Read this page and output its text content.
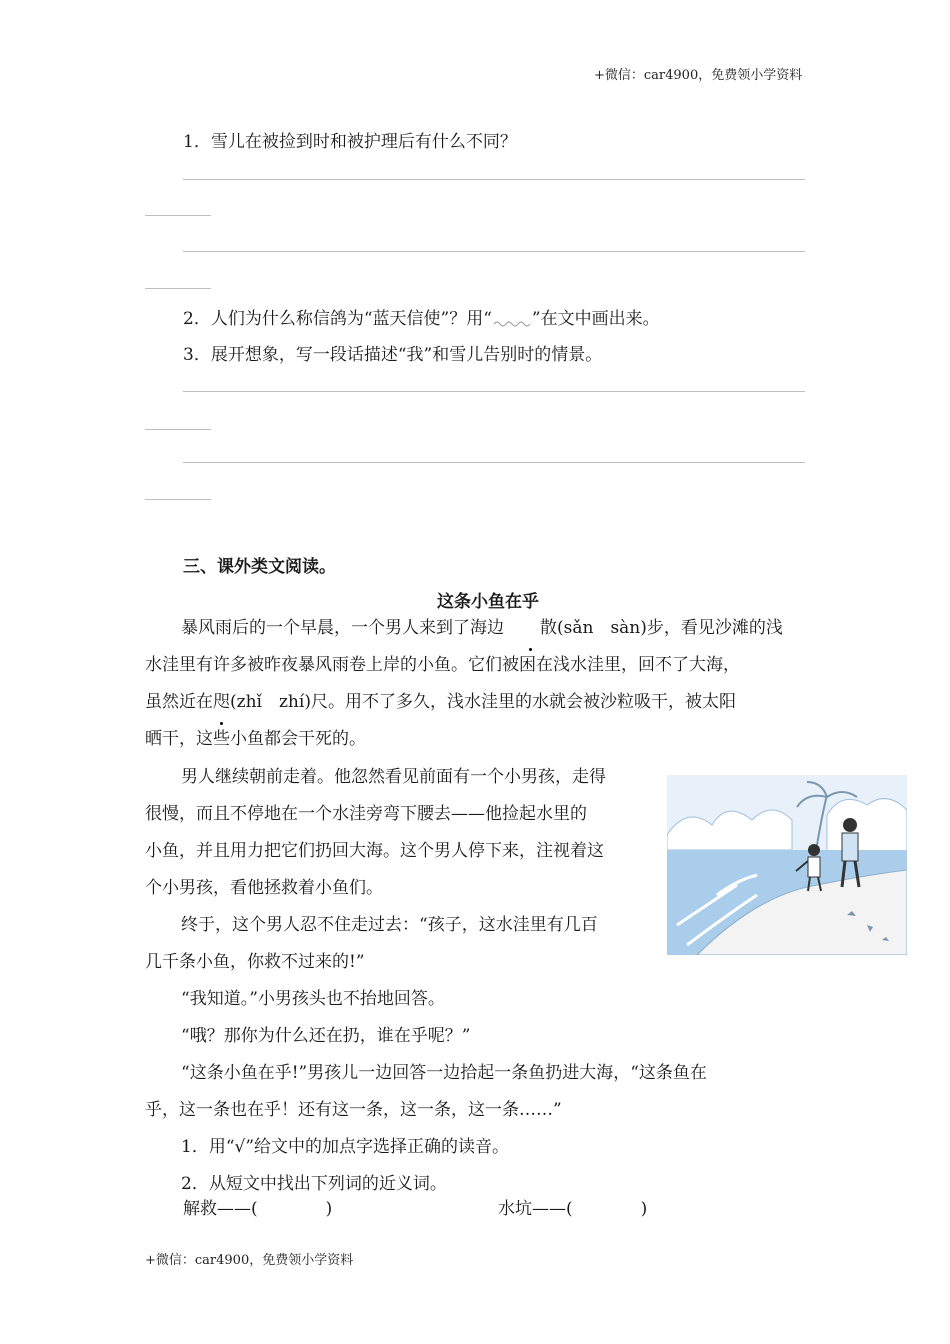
+微信：car4900，免费领小学资料
1．雪儿在被捡到时和被护理后有什么不同？
2．人们为什么称信鸽为“蓝天信使”？用“ ”在文中画出来。
3．展开想象，写一段话描述“我”和雪儿告别时的情景。
三、课外类文阅读。
这条小鱼在乎

暴风雨后的一个早晨，一个男人来到了海边 散(sǎn　sàn)步，看见沙滩的浅

水洼里有许多被昨夜暴风雨卷上岸的小鱼。它们被困在浅水洼里，回不了大海，

虽然近在咫(zhǐ　zhí)尺。用不了多久，浅水洼里的水就会被沙粒吸干，被太阳

晒干，这些小鱼都会干死的。

男人继续朝前走着。他忽然看见前面有一个小男孩，走得

很慢，而且不停地在一个水洼旁弯下腰去——他捡起水里的

小鱼，并且用力把它们扔回大海。这个男人停下来，注视着这

个小男孩，看他拯救着小鱼们。

终于，这个男人忍不住走过去：“孩子，这水洼里有几百

几千条小鱼，你救不过来的!”

“我知道。”小男孩头也不抬地回答。

“哦？那你为什么还在扔，谁在乎呢？”

“这条小鱼在乎!”男孩儿一边回答一边拾起一条鱼扔进大海，“这条鱼在

乎，这一条也在乎！还有这一条，这一条，这一条……”

1．用“√”给文中的加点字选择正确的读音。

2．从短文中找出下列词的近义词。

解救——(　　　　)	水坑——(　　　　)
+微信：car4900，免费领小学资料
